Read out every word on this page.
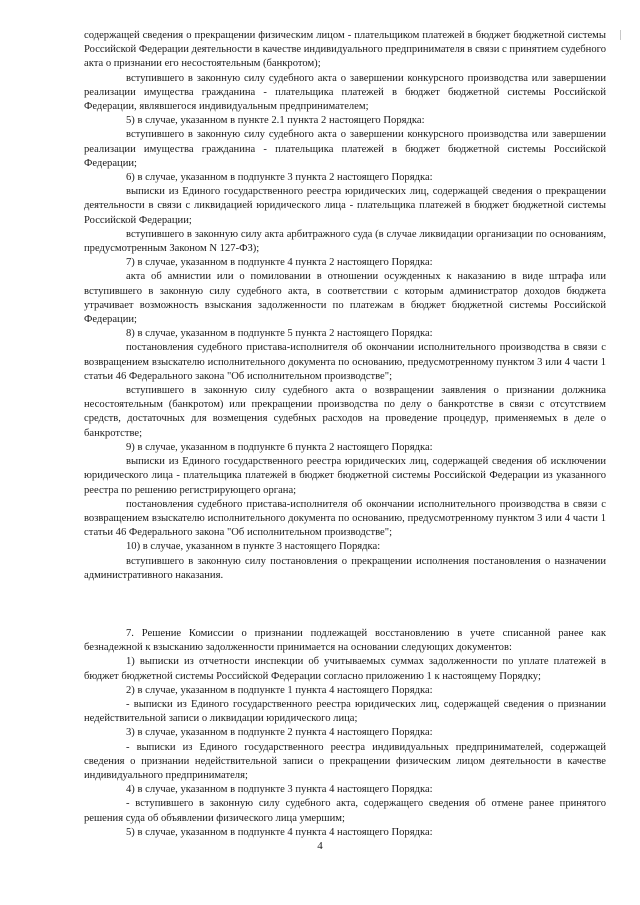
содержащей сведения о прекращении физическим лицом - плательщиком платежей в бюджет бюджетной системы Российской Федерации деятельности в качестве индивидуального предпринимателя в связи с принятием судебного акта о признании его несостоятельным (банкротом);

вступившего в законную силу судебного акта о завершении конкурсного производства или завершении реализации имущества гражданина - плательщика платежей в бюджет бюджетной системы Российской Федерации, являвшегося индивидуальным предпринимателем;

5) в случае, указанном в пункте 2.1 пункта 2 настоящего Порядка:

вступившего в законную силу судебного акта о завершении конкурсного производства или завершении реализации имущества гражданина - плательщика платежей в бюджет бюджетной системы Российской Федерации;

6) в случае, указанном в подпункте 3 пункта 2 настоящего Порядка:

выписки из Единого государственного реестра юридических лиц, содержащей сведения о прекращении деятельности в связи с ликвидацией юридического лица - плательщика платежей в бюджет бюджетной системы Российской Федерации;

вступившего в законную силу акта арбитражного суда (в случае ликвидации организации по основаниям, предусмотренным Законом N 127-ФЗ);

7) в случае, указанном в подпункте 4 пункта 2 настоящего Порядка:

акта об амнистии или о помиловании в отношении осужденных к наказанию в виде штрафа или вступившего в законную силу судебного акта, в соответствии с которым администратор доходов бюджета утрачивает возможность взыскания задолженности по платежам в бюджет бюджетной системы Российской Федерации;

8) в случае, указанном в подпункте 5 пункта 2 настоящего Порядка:

постановления судебного пристава-исполнителя об окончании исполнительного производства в связи с возвращением взыскателю исполнительного документа по основанию, предусмотренному пунктом 3 или 4 части 1 статьи 46 Федерального закона "Об исполнительном производстве";

вступившего в законную силу судебного акта о возвращении заявления о признании должника несостоятельным (банкротом) или прекращении производства по делу о банкротстве в связи с отсутствием средств, достаточных для возмещения судебных расходов на проведение процедур, применяемых в деле о банкротстве;

9) в случае, указанном в подпункте 6 пункта 2 настоящего Порядка:

выписки из Единого государственного реестра юридических лиц, содержащей сведения об исключении юридического лица - плательщика платежей в бюджет бюджетной системы Российской Федерации из указанного реестра по решению регистрирующего органа;

постановления судебного пристава-исполнителя об окончании исполнительного производства в связи с возвращением взыскателю исполнительного документа по основанию, предусмотренному пунктом 3 или 4 части 1 статьи 46 Федерального закона "Об исполнительном производстве";

10) в случае, указанном в пункте 3 настоящего Порядка:

вступившего в законную силу постановления о прекращении исполнения постановления о назначении административного наказания.

7. Решение Комиссии о признании подлежащей восстановлению в учете списанной ранее как безнадежной к взысканию задолженности принимается на основании следующих документов:

1) выписки из отчетности инспекции об учитываемых суммах задолженности по уплате платежей в бюджет бюджетной системы Российской Федерации согласно приложению 1 к настоящему Порядку;

2) в случае, указанном в подпункте 1 пункта 4 настоящего Порядка:

- выписки из Единого государственного реестра юридических лиц, содержащей сведения о признании недействительной записи о ликвидации юридического лица;

3) в случае, указанном в подпункте 2 пункта 4 настоящего Порядка:

- выписки из Единого государственного реестра индивидуальных предпринимателей, содержащей сведения о признании недействительной записи о прекращении физическим лицом деятельности в качестве индивидуального предпринимателя;

4) в случае, указанном в подпункте 3 пункта 4 настоящего Порядка:

- вступившего в законную силу судебного акта, содержащего сведения об отмене ранее принятого решения суда об объявлении физического лица умершим;

5) в случае, указанном в подпункте 4 пункта 4 настоящего Порядка:

4
